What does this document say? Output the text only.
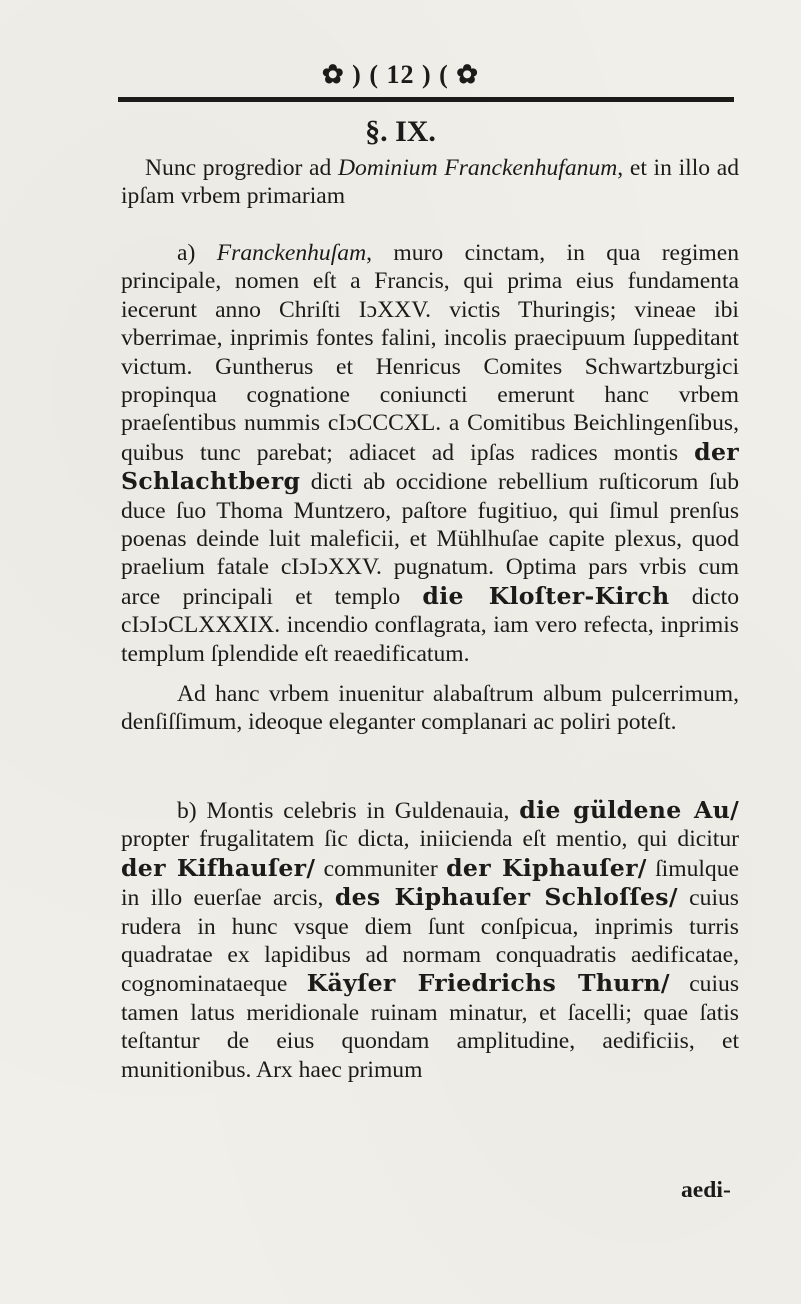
✿ ) ( 12 ) ( ✿
§. IX.

Nunc progredior ad Dominium Franckenhufanum, et in illo ad ipſam vrbem primariam

a) Franckenhuſam, muro cinctam, in qua regimen principale, nomen eſt a Francis, qui prima eius fundamenta iecerunt anno Chriſti IɔXXV. victis Thuringis; vineae ibi vberrimae, inprimis fontes falini, incolis praecipuum ſuppeditant victum. Guntherus et Henricus Comites Schwartzburgici propinqua cognatione coniuncti emerunt hanc vrbem praeſentibus nummis cIɔCCCXL. a Comitibus Beichlingenſibus, quibus tunc parebat; adiacet ad ipſas radices montis der Schlachtberg dicti ab occidione rebellium ruſticorum ſub duce ſuo Thoma Muntzero, paſtore fugitiuo, qui ſimul prenſus poenas deinde luit maleficii, et Mühlhuſae capite plexus, quod praelium fatale cIɔIɔXXV. pugnatum. Optima pars vrbis cum arce principali et templo die Kloſter-Kirch dicto cIɔIɔCLXXXIX. incendio conflagrata, iam vero refecta, inprimis templum ſplendide eſt reaedificatum.

Ad hanc vrbem inuenitur alabaſtrum album pulcerrimum, denſiſſimum, ideoque eleganter complanari ac poliri poteſt.

b) Montis celebris in Guldenauia, die güldene Au/ propter frugalitatem ſic dicta, iniicienda eſt mentio, qui dicitur der Kifhauſer/ communiter der Kiphauſer/ ſimulque in illo euerſae arcis, des Kiphauſer Schloſſes/ cuius rudera in hunc vsque diem ſunt conſpicua, inprimis turris quadratae ex lapidibus ad normam conquadratis aedificatae, cognominataeque Käyſer Friedrichs Thurn/ cuius tamen latus meridionale ruinam minatur, et ſacelli; quae ſatis teſtantur de eius quondam amplitudine, aedificiis, et munitionibus. Arx haec primum

aedi-
